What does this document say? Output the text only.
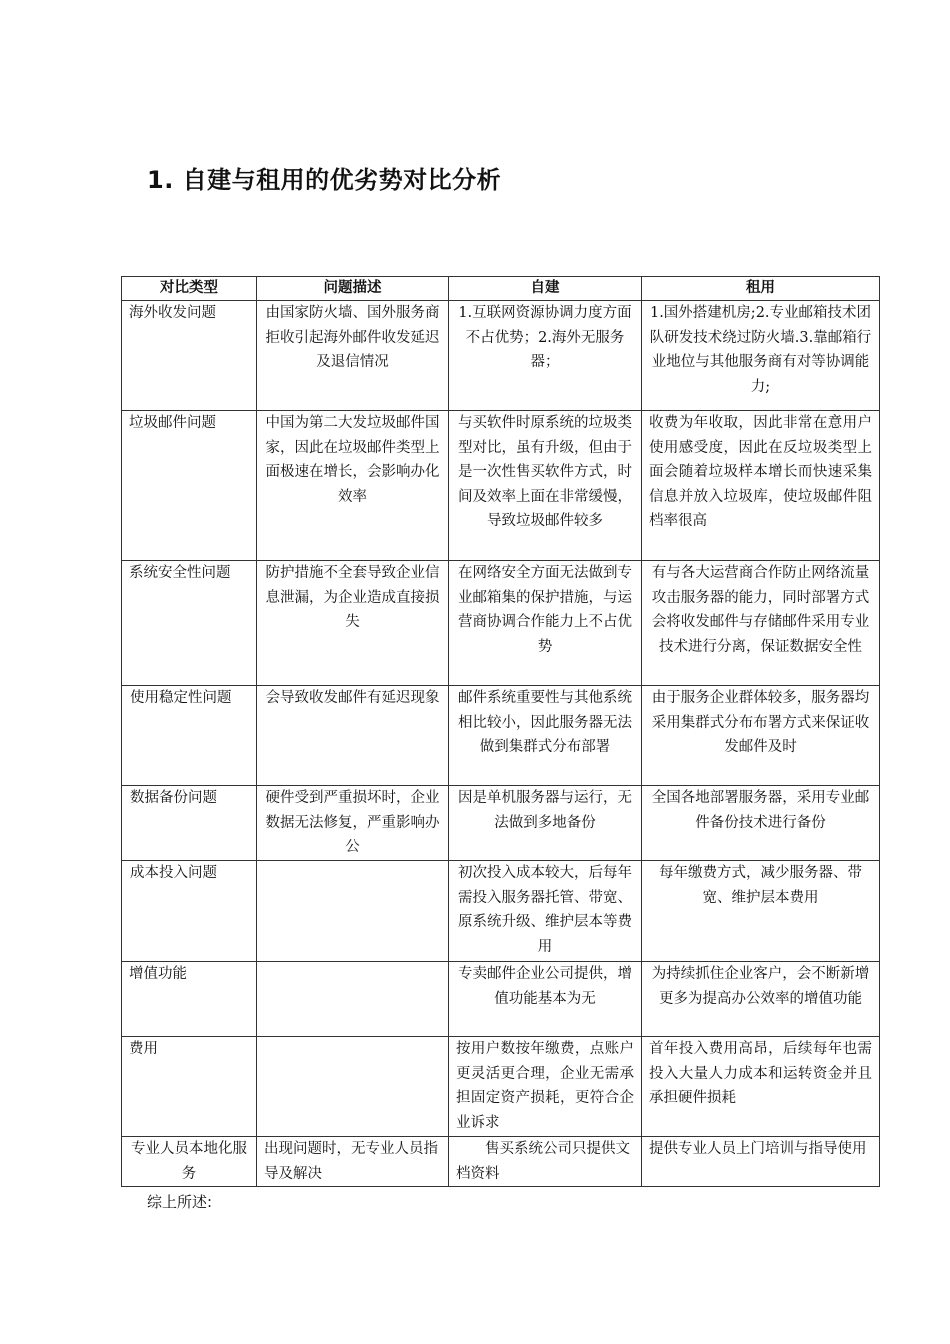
1. 自建与租用的优劣势对比分析
对比类型	问题描述	自建	租用
海外收发问题	由国家防火墙、国外服务商拒收引起海外邮件收发延迟及退信情况	1.互联网资源协调力度方面不占优势；2.海外无服务器；	1.国外搭建机房;2.专业邮箱技术团队研发技术绕过防火墙.3.靠邮箱行业地位与其他服务商有对等协调能力;
垃圾邮件问题	中国为第二大发垃圾邮件国家，因此在垃圾邮件类型上面极速在增长，会影响办化效率	与买软件时原系统的垃圾类型对比，虽有升级，但由于是一次性售买软件方式，时间及效率上面在非常缓慢，导致垃圾邮件较多	收费为年收取，因此非常在意用户使用感受度，因此在反垃圾类型上面会随着垃圾样本增长而快速采集信息并放入垃圾库，使垃圾邮件阻档率很高
系统安全性问题	防护措施不全套导致企业信息泄漏，为企业造成直接损失	在网络安全方面无法做到专业邮箱集的保护措施，与运营商协调合作能力上不占优势	有与各大运营商合作防止网络流量攻击服务器的能力，同时部署方式会将收发邮件与存储邮件采用专业技术进行分离，保证数据安全性
使用稳定性问题	会导致收发邮件有延迟现象	邮件系统重要性与其他系统相比较小，因此服务器无法做到集群式分布部署	由于服务企业群体较多，服务器均采用集群式分布布署方式来保证收发邮件及时
数据备份问题	硬件受到严重损坏时，企业数据无法修复，严重影响办公	因是单机服务器与运行，无法做到多地备份	全国各地部署服务器，采用专业邮件备份技术进行备份
成本投入问题		初次投入成本较大，后每年需投入服务器托管、带宽、原系统升级、维护层本等费用	每年缴费方式，减少服务器、带宽、维护层本费用
增值功能		专卖邮件企业公司提供，增值功能基本为无	为持续抓住企业客户，会不断新增更多为提高办公效率的增值功能
费用		按用户数按年缴费，点账户更灵活更合理，企业无需承担固定资产损耗，更符合企业诉求	首年投入费用高昂，后续每年也需投入大量人力成本和运转资金并且承担硬件损耗
专业人员本地化服务	出现问题时，无专业人员指导及解决	售买系统公司只提供文档资料	提供专业人员上门培训与指导使用
综上所述:
